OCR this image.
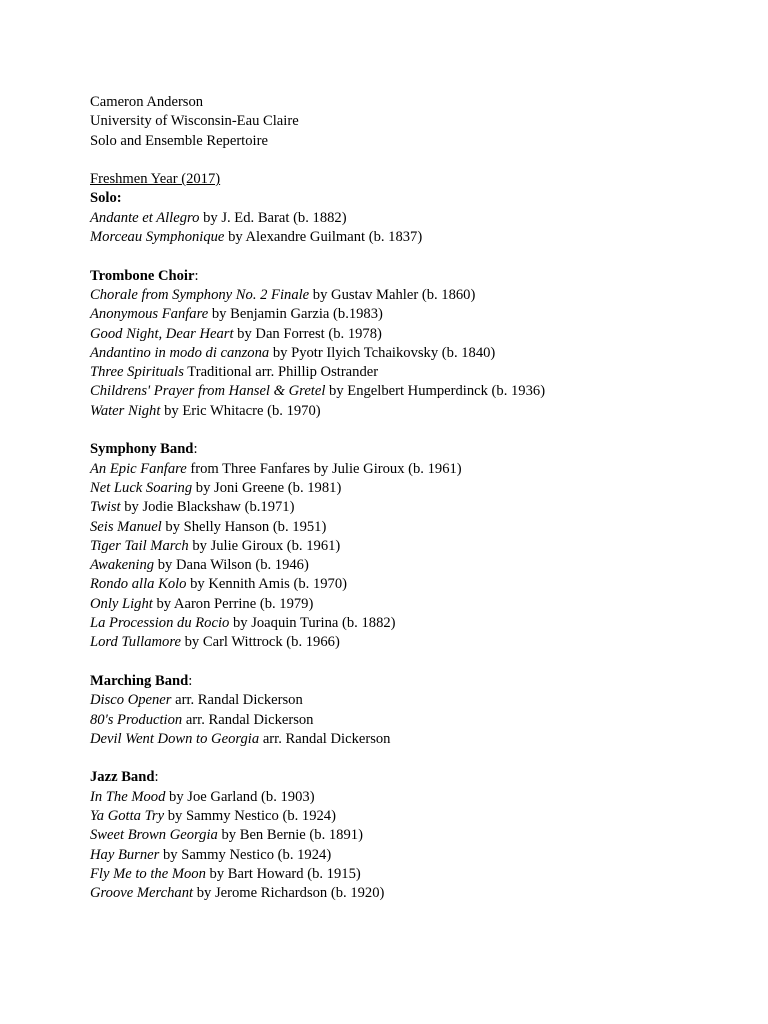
Cameron Anderson
University of Wisconsin-Eau Claire
Solo and Ensemble Repertoire
Freshmen Year (2017)
Solo:
Andante et Allegro by J. Ed. Barat (b. 1882)
Morceau Symphonique by Alexandre Guilmant (b. 1837)
Trombone Choir:
Chorale from Symphony No. 2 Finale by Gustav Mahler (b. 1860)
Anonymous Fanfare by Benjamin Garzia (b.1983)
Good Night, Dear Heart by Dan Forrest (b. 1978)
Andantino in modo di canzona by Pyotr Ilyich Tchaikovsky (b. 1840)
Three Spirituals Traditional arr. Phillip Ostrander
Childrens' Prayer from Hansel & Gretel by Engelbert Humperdinck (b. 1936)
Water Night by Eric Whitacre (b. 1970)
Symphony Band:
An Epic Fanfare from Three Fanfares by Julie Giroux (b. 1961)
Net Luck Soaring by Joni Greene (b. 1981)
Twist by Jodie Blackshaw (b.1971)
Seis Manuel by Shelly Hanson (b. 1951)
Tiger Tail March by Julie Giroux (b. 1961)
Awakening by Dana Wilson (b. 1946)
Rondo alla Kolo by Kennith Amis (b. 1970)
Only Light by Aaron Perrine (b. 1979)
La Procession du Rocio by Joaquin Turina (b. 1882)
Lord Tullamore by Carl Wittrock (b. 1966)
Marching Band:
Disco Opener arr. Randal Dickerson
80's Production arr. Randal Dickerson
Devil Went Down to Georgia arr. Randal Dickerson
Jazz Band:
In The Mood by Joe Garland (b. 1903)
Ya Gotta Try by Sammy Nestico (b. 1924)
Sweet Brown Georgia by Ben Bernie (b. 1891)
Hay Burner by Sammy Nestico (b. 1924)
Fly Me to the Moon by Bart Howard (b. 1915)
Groove Merchant by Jerome Richardson (b. 1920)
